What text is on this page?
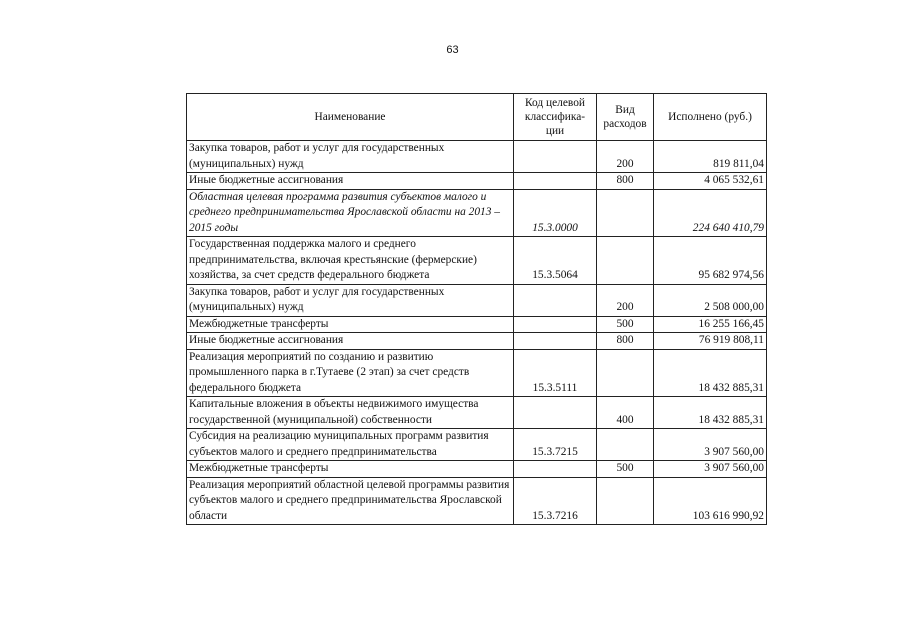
63
Наименование	Код целевой классифика-ции	Вид расходов	Исполнено (руб.)
Закупка товаров, работ и услуг для государственных (муниципальных) нужд		200	819 811,04
Иные бюджетные ассигнования		800	4 065 532,61
Областная целевая программа развития субъектов малого и среднего предпринимательства Ярославской области на 2013 – 2015 годы	15.3.0000		224 640 410,79
Государственная поддержка малого и среднего предпринимательства, включая крестьянские (фермерские) хозяйства, за счет средств федерального бюджета	15.3.5064		95 682 974,56
Закупка товаров, работ и услуг для государственных (муниципальных) нужд		200	2 508 000,00
Межбюджетные трансферты		500	16 255 166,45
Иные бюджетные ассигнования		800	76 919 808,11
Реализация мероприятий по созданию и развитию промышленного парка в г.Тутаеве (2 этап) за счет средств федерального бюджета	15.3.5111		18 432 885,31
Капитальные вложения в объекты недвижимого имущества государственной (муниципальной) собственности		400	18 432 885,31
Субсидия на реализацию муниципальных программ развития субъектов малого и среднего предпринимательства	15.3.7215		3 907 560,00
Межбюджетные трансферты		500	3 907 560,00
Реализация мероприятий областной целевой программы развития субъектов малого и среднего предпринимательства Ярославской области	15.3.7216		103 616 990,92
